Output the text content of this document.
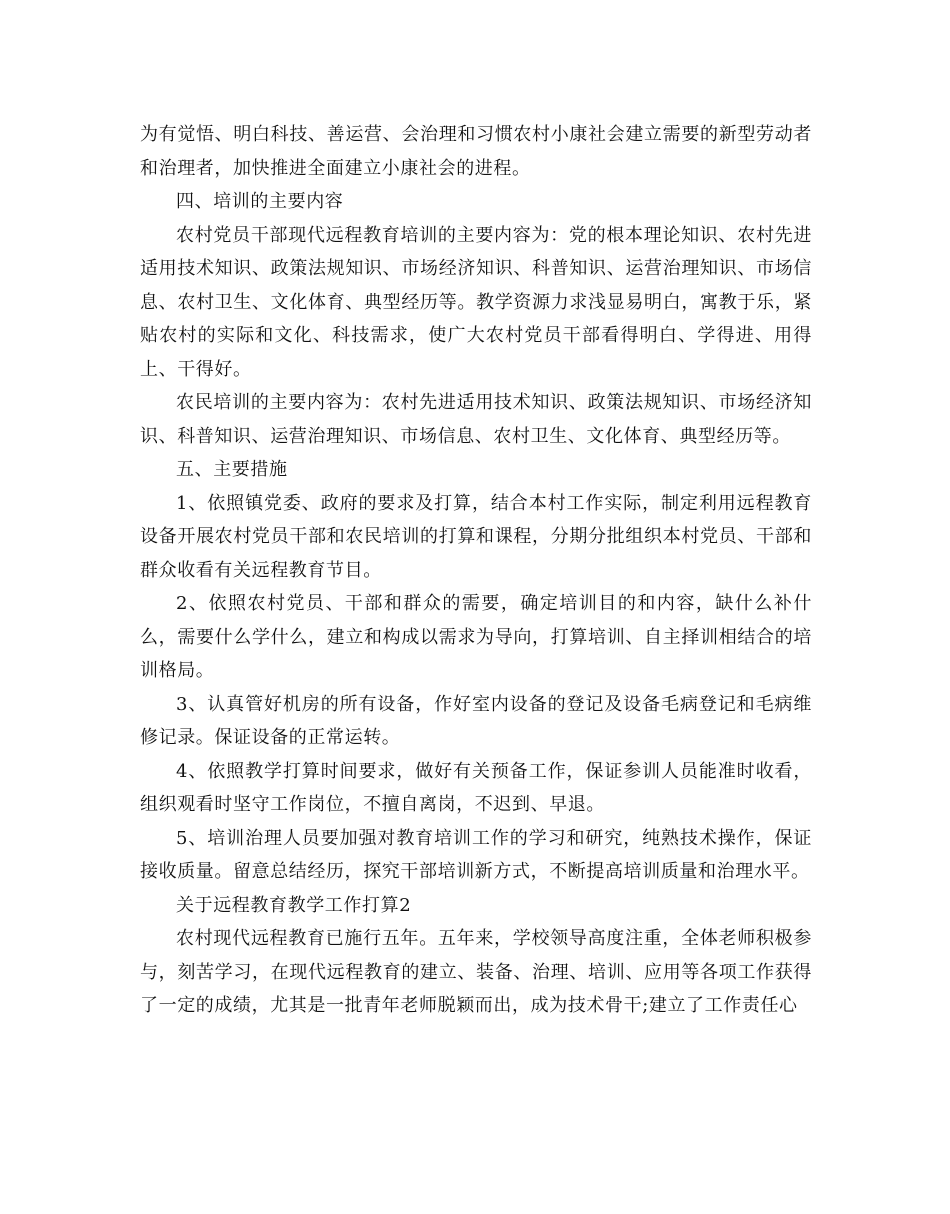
为有觉悟、明白科技、善运营、会治理和习惯农村小康社会建立需要的新型劳动者和治理者，加快推进全面建立小康社会的进程。

四、培训的主要内容

农村党员干部现代远程教育培训的主要内容为：党的根本理论知识、农村先进适用技术知识、政策法规知识、市场经济知识、科普知识、运营治理知识、市场信息、农村卫生、文化体育、典型经历等。教学资源力求浅显易明白，寓教于乐，紧贴农村的实际和文化、科技需求，使广大农村党员干部看得明白、学得进、用得上、干得好。

农民培训的主要内容为：农村先进适用技术知识、政策法规知识、市场经济知识、科普知识、运营治理知识、市场信息、农村卫生、文化体育、典型经历等。

五、主要措施

1、依照镇党委、政府的要求及打算，结合本村工作实际，制定利用远程教育设备开展农村党员干部和农民培训的打算和课程，分期分批组织本村党员、干部和群众收看有关远程教育节目。

2、依照农村党员、干部和群众的需要，确定培训目的和内容，缺什么补什么，需要什么学什么，建立和构成以需求为导向，打算培训、自主择训相结合的培训格局。

3、认真管好机房的所有设备，作好室内设备的登记及设备毛病登记和毛病维修记录。保证设备的正常运转。

4、依照教学打算时间要求，做好有关预备工作，保证参训人员能准时收看，组织观看时坚守工作岗位，不擅自离岗，不迟到、早退。

5、培训治理人员要加强对教育培训工作的学习和研究，纯熟技术操作，保证接收质量。留意总结经历，探究干部培训新方式，不断提高培训质量和治理水平。

关于远程教育教学工作打算2

农村现代远程教育已施行五年。五年来，学校领导高度注重，全体老师积极参与，刻苦学习，在现代远程教育的建立、装备、治理、培训、应用等各项工作获得了一定的成绩，尤其是一批青年老师脱颖而出，成为技术骨干;建立了工作责任心
